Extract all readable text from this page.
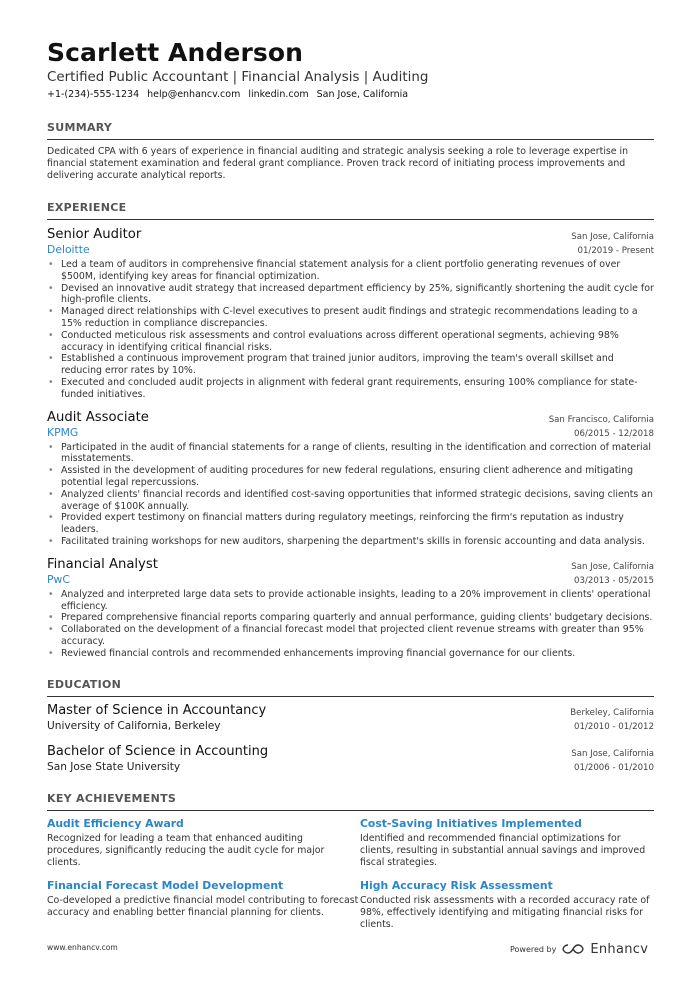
Scarlett Anderson
Certified Public Accountant | Financial Analysis | Auditing
+1-(234)-555-1234 help@enhancv.com linkedin.com San Jose, California
SUMMARY
Dedicated CPA with 6 years of experience in financial auditing and strategic analysis seeking a role to leverage expertise in financial statement examination and federal grant compliance. Proven track record of initiating process improvements and delivering accurate analytical reports.
EXPERIENCE
Senior Auditor	San Jose, California
Deloitte	01/2019 - Present
• Led a team of auditors in comprehensive financial statement analysis for a client portfolio generating revenues of over $500M, identifying key areas for financial optimization.
• Devised an innovative audit strategy that increased department efficiency by 25%, significantly shortening the audit cycle for high-profile clients.
• Managed direct relationships with C-level executives to present audit findings and strategic recommendations leading to a 15% reduction in compliance discrepancies.
• Conducted meticulous risk assessments and control evaluations across different operational segments, achieving 98% accuracy in identifying critical financial risks.
• Established a continuous improvement program that trained junior auditors, improving the team's overall skillset and reducing error rates by 10%.
• Executed and concluded audit projects in alignment with federal grant requirements, ensuring 100% compliance for state-funded initiatives.
Audit Associate	San Francisco, California
KPMG	06/2015 - 12/2018
• Participated in the audit of financial statements for a range of clients, resulting in the identification and correction of material misstatements.
• Assisted in the development of auditing procedures for new federal regulations, ensuring client adherence and mitigating potential legal repercussions.
• Analyzed clients' financial records and identified cost-saving opportunities that informed strategic decisions, saving clients an average of $100K annually.
• Provided expert testimony on financial matters during regulatory meetings, reinforcing the firm's reputation as industry leaders.
• Facilitated training workshops for new auditors, sharpening the department's skills in forensic accounting and data analysis.
Financial Analyst	San Jose, California
PwC	03/2013 - 05/2015
• Analyzed and interpreted large data sets to provide actionable insights, leading to a 20% improvement in clients' operational efficiency.
• Prepared comprehensive financial reports comparing quarterly and annual performance, guiding clients' budgetary decisions.
• Collaborated on the development of a financial forecast model that projected client revenue streams with greater than 95% accuracy.
• Reviewed financial controls and recommended enhancements improving financial governance for our clients.
EDUCATION
Master of Science in Accountancy	Berkeley, California
University of California, Berkeley	01/2010 - 01/2012
Bachelor of Science in Accounting	San Jose, California
San Jose State University	01/2006 - 01/2010
KEY ACHIEVEMENTS
Audit Efficiency Award
Recognized for leading a team that enhanced auditing procedures, significantly reducing the audit cycle for major clients.
Cost-Saving Initiatives Implemented
Identified and recommended financial optimizations for clients, resulting in substantial annual savings and improved fiscal strategies.
Financial Forecast Model Development
Co-developed a predictive financial model contributing to forecast accuracy and enabling better financial planning for clients.
High Accuracy Risk Assessment
Conducted risk assessments with a recorded accuracy rate of 98%, effectively identifying and mitigating financial risks for clients.
www.enhancv.com	Powered by	Enhancv
